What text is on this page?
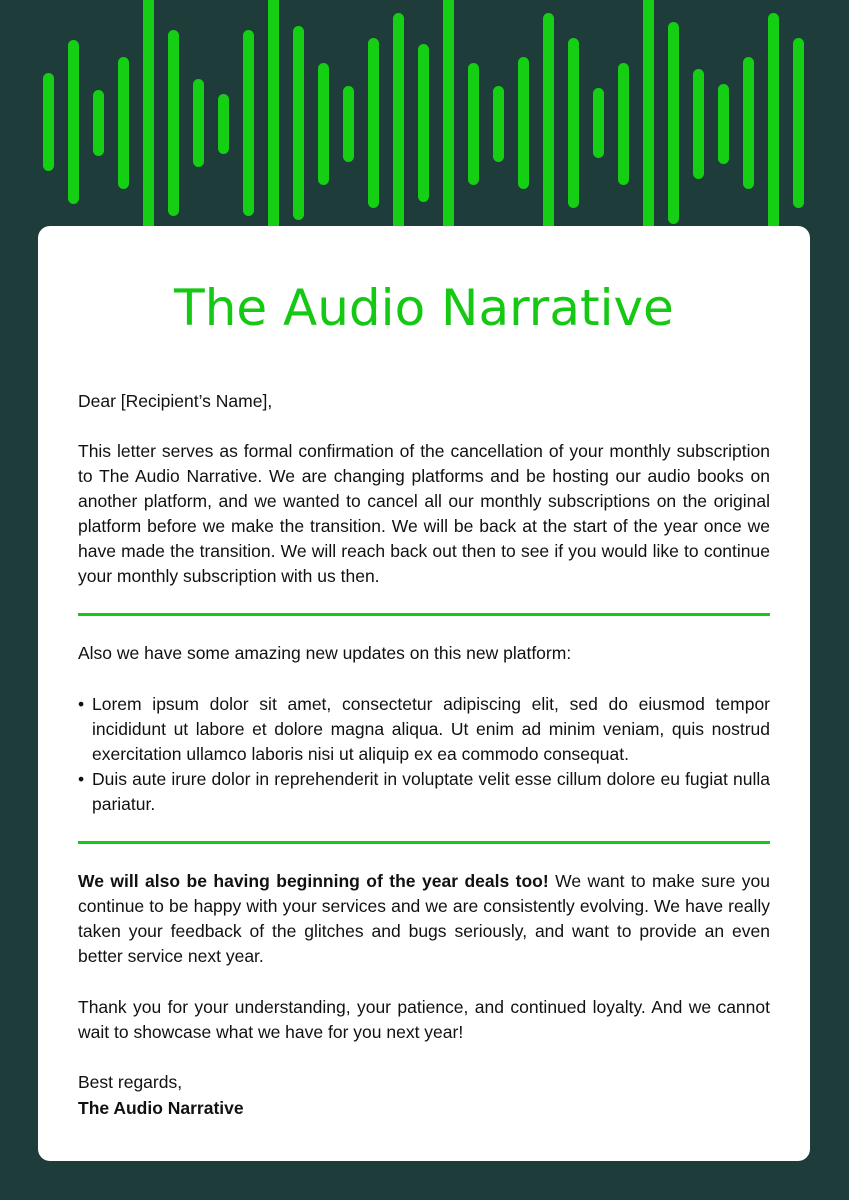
The Audio Narrative

Dear [Recipient’s Name],

This letter serves as formal confirmation of the cancellation of your monthly subscription to The Audio Narrative. We are changing platforms and be hosting our audio books on another platform, and we wanted to cancel all our monthly subscriptions on the original platform before we make the transition. We will be back at the start of the year once we have made the transition. We will reach back out then to see if you would like to continue your monthly subscription with us then.

Also we have some amazing new updates on this new platform:

• Lorem ipsum dolor sit amet, consectetur adipiscing elit, sed do eiusmod tempor incididunt ut labore et dolore magna aliqua. Ut enim ad minim veniam, quis nostrud exercitation ullamco laboris nisi ut aliquip ex ea commodo consequat.
• Duis aute irure dolor in reprehenderit in voluptate velit esse cillum dolore eu fugiat nulla pariatur.

We will also be having beginning of the year deals too! We want to make sure you continue to be happy with your services and we are consistently evolving. We have really taken your feedback of the glitches and bugs seriously, and want to provide an even better service next year.

Thank you for your understanding, your patience, and continued loyalty. And we cannot wait to showcase what we have for you next year!

Best regards,

The Audio Narrative
